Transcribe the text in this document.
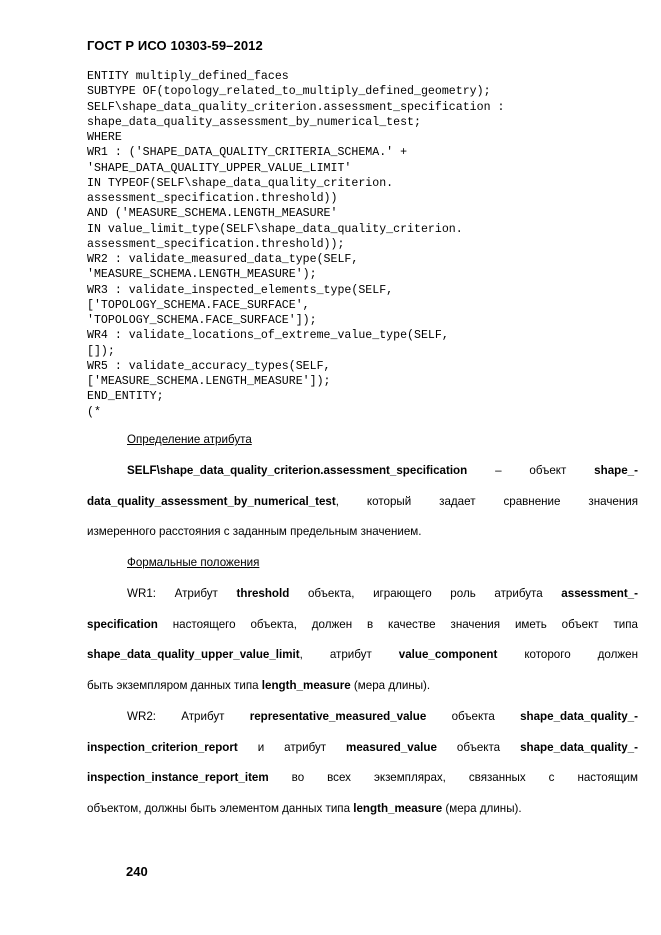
ГОСТ Р ИСО 10303-59–2012
ENTITY multiply_defined_faces
SUBTYPE OF(topology_related_to_multiply_defined_geometry);
SELF\shape_data_quality_criterion.assessment_specification :
shape_data_quality_assessment_by_numerical_test;
WHERE
WR1 : ('SHAPE_DATA_QUALITY_CRITERIA_SCHEMA.' +
'SHAPE_DATA_QUALITY_UPPER_VALUE_LIMIT'
IN TYPEOF(SELF\shape_data_quality_criterion.
assessment_specification.threshold))
AND ('MEASURE_SCHEMA.LENGTH_MEASURE'
IN value_limit_type(SELF\shape_data_quality_criterion.
assessment_specification.threshold));
WR2 : validate_measured_data_type(SELF,
'MEASURE_SCHEMA.LENGTH_MEASURE');
WR3 : validate_inspected_elements_type(SELF,
['TOPOLOGY_SCHEMA.FACE_SURFACE',
'TOPOLOGY_SCHEMA.FACE_SURFACE']);
WR4 : validate_locations_of_extreme_value_type(SELF,
[]);
WR5 : validate_accuracy_types(SELF,
['MEASURE_SCHEMA.LENGTH_MEASURE']);
END_ENTITY;
(*
Определение атрибута
SELF\shape_data_quality_criterion.assessment_specification – объект shape_-
data_quality_assessment_by_numerical_test, который задает сравнение значения
измеренного расстояния с заданным предельным значением.
Формальные положения
WR1: Атрибут threshold объекта, играющего роль атрибута assessment_-
specification настоящего объекта, должен в качестве значения иметь объект типа
shape_data_quality_upper_value_limit, атрибут value_component которого должен
быть экземпляром данных типа length_measure (мера длины).
WR2: Атрибут representative_measured_value объекта shape_data_quality_-
inspection_criterion_report и атрибут measured_value объекта shape_data_quality_-
inspection_instance_report_item во всех экземплярах, связанных с настоящим
объектом, должны быть элементом данных типа length_measure (мера длины).
240
